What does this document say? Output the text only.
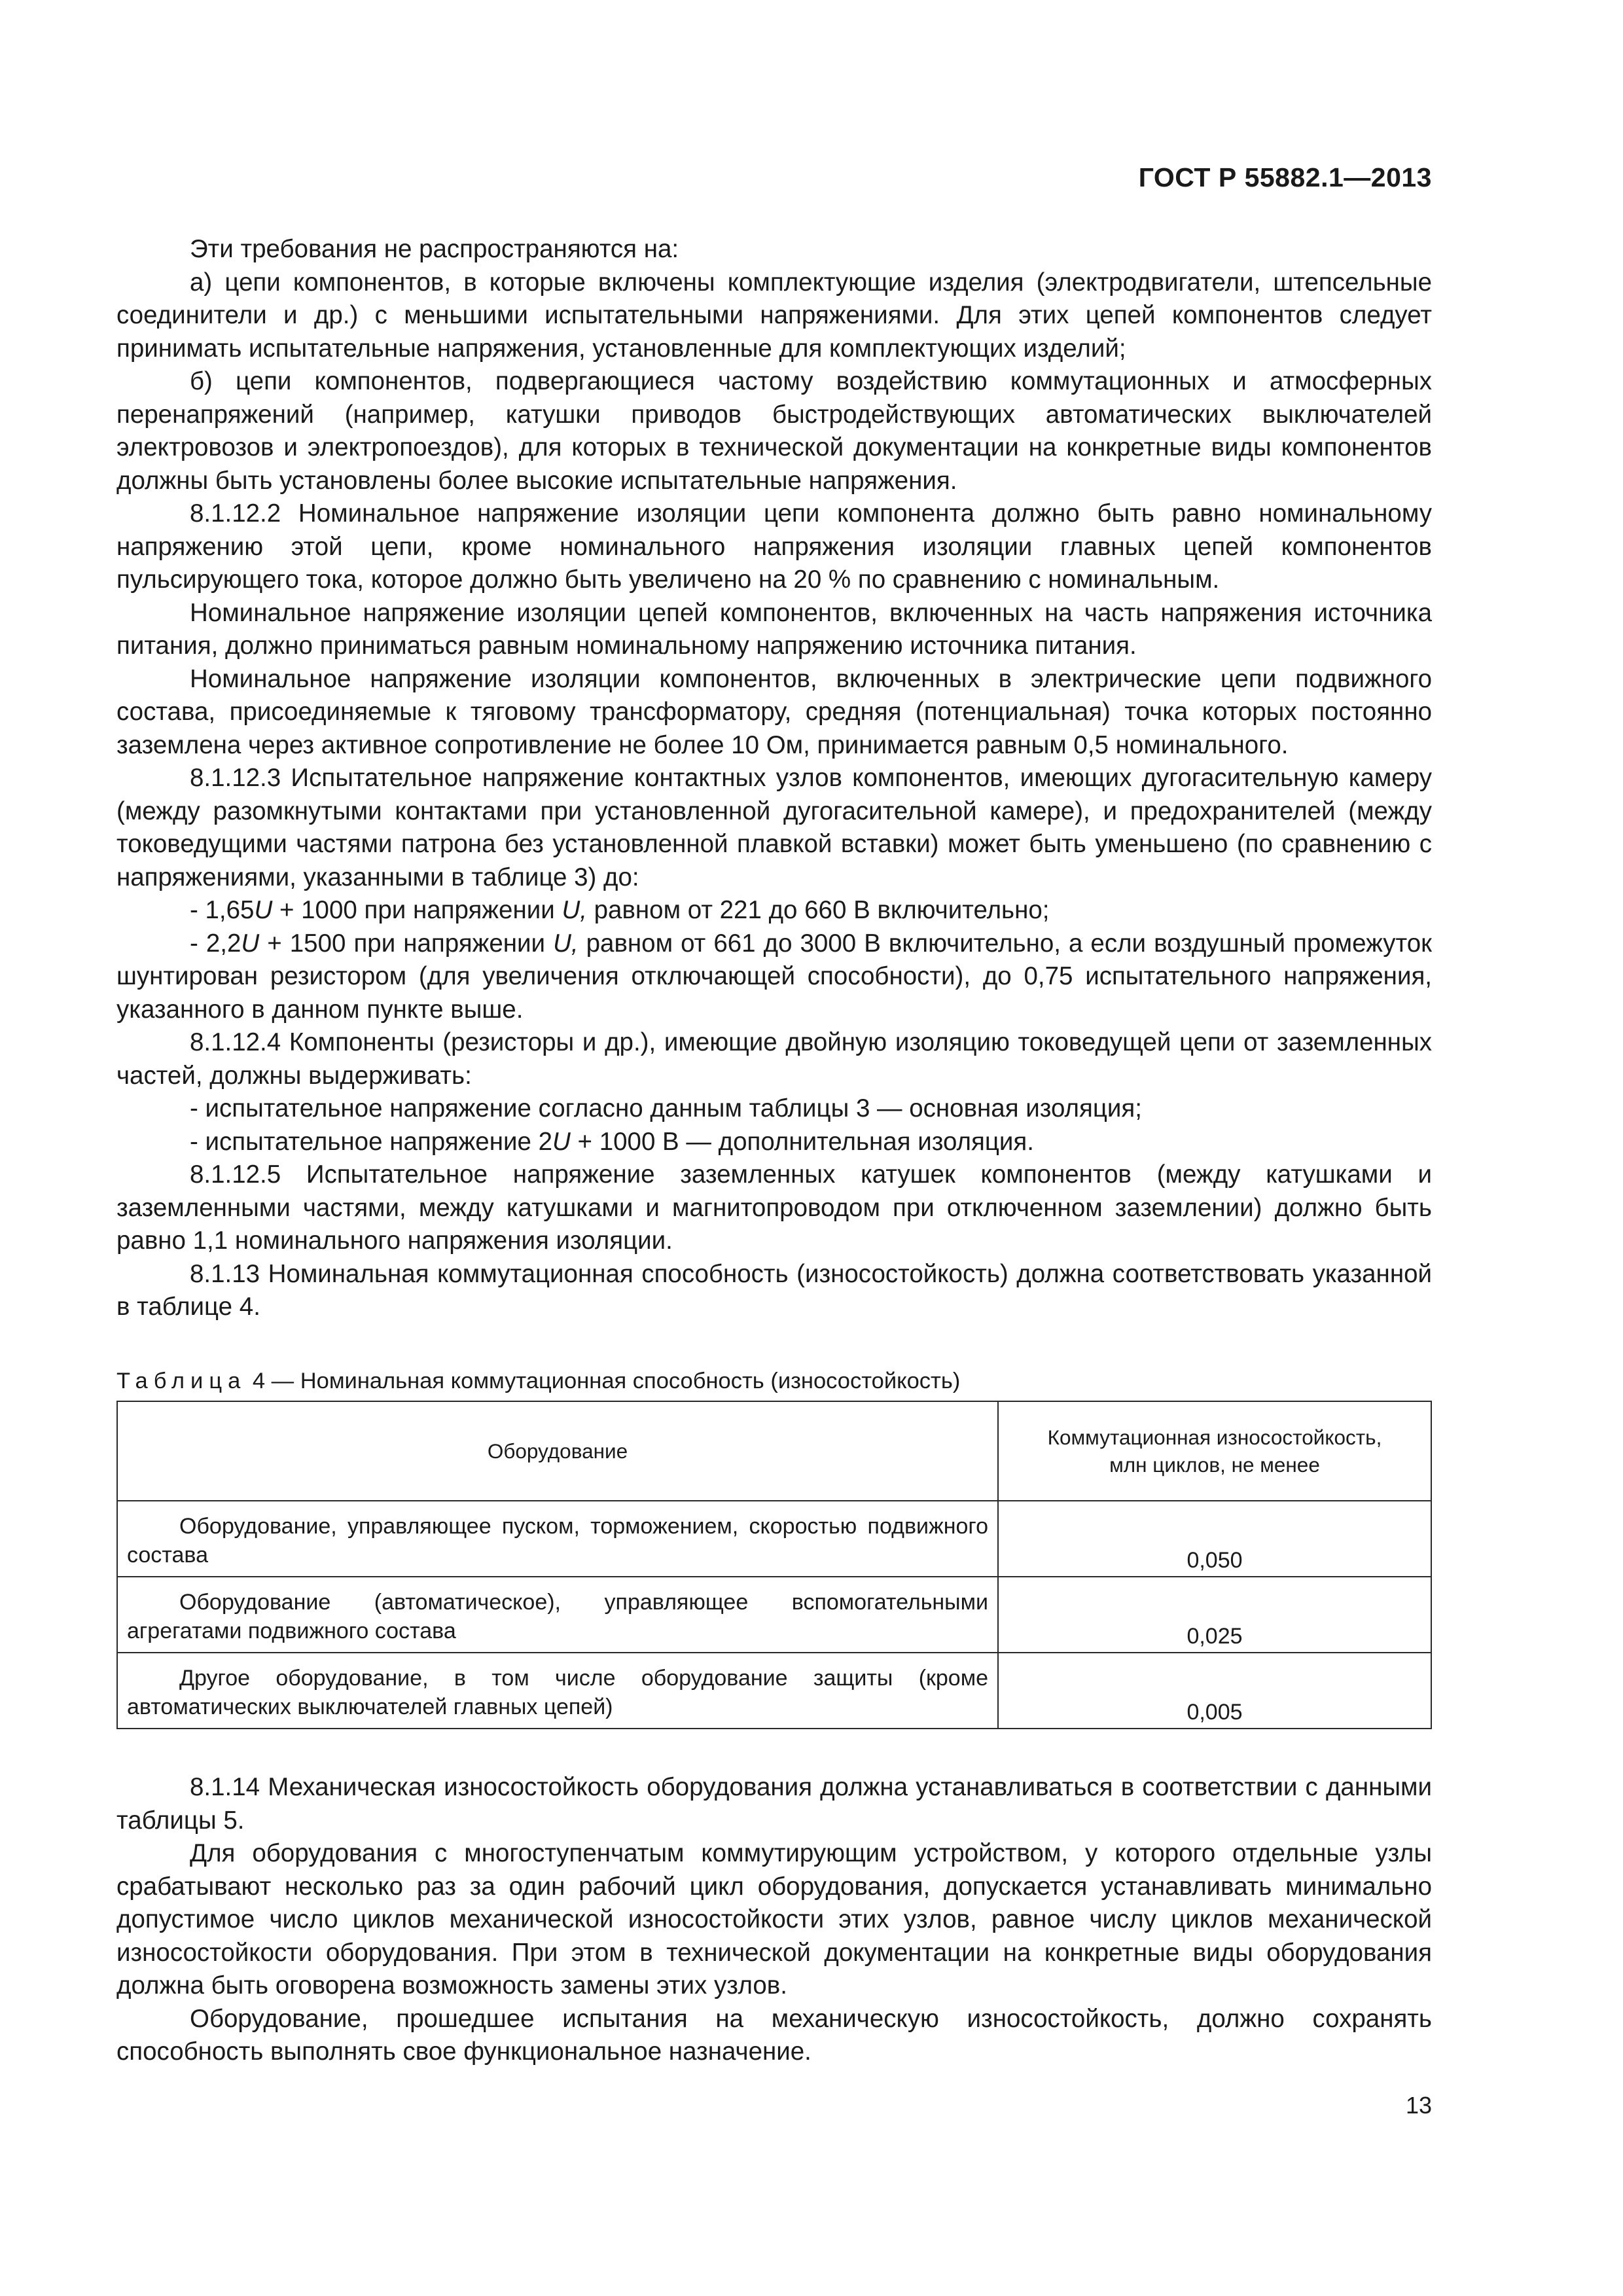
ГОСТ Р 55882.1—2013

Эти требования не распространяются на:

а) цепи компонентов, в которые включены комплектующие изделия (электродвигатели, штепсельные соединители и др.) с меньшими испытательными напряжениями. Для этих цепей компонентов следует принимать испытательные напряжения, установленные для комплектующих изделий;

б) цепи компонентов, подвергающиеся частому воздействию коммутационных и атмосферных перенапряжений (например, катушки приводов быстродействующих автоматических выключателей электровозов и электропоездов), для которых в технической документации на конкретные виды компонентов должны быть установлены более высокие испытательные напряжения.

8.1.12.2 Номинальное напряжение изоляции цепи компонента должно быть равно номинальному напряжению этой цепи, кроме номинального напряжения изоляции главных цепей компонентов пульсирующего тока, которое должно быть увеличено на 20 % по сравнению с номинальным.

Номинальное напряжение изоляции цепей компонентов, включенных на часть напряжения источника питания, должно приниматься равным номинальному напряжению источника питания.

Номинальное напряжение изоляции компонентов, включенных в электрические цепи подвижного состава, присоединяемые к тяговому трансформатору, средняя (потенциальная) точка которых постоянно заземлена через активное сопротивление не более 10 Ом, принимается равным 0,5 номинального.

8.1.12.3 Испытательное напряжение контактных узлов компонентов, имеющих дугогасительную камеру (между разомкнутыми контактами при установленной дугогасительной камере), и предохранителей (между токоведущими частями патрона без установленной плавкой вставки) может быть уменьшено (по сравнению с напряжениями, указанными в таблице 3) до:

- 1,65U + 1000 при напряжении U, равном от 221 до 660 В включительно;

- 2,2U + 1500 при напряжении U, равном от 661 до 3000 В включительно, а если воздушный промежуток шунтирован резистором (для увеличения отключающей способности), до 0,75 испытательного напряжения, указанного в данном пункте выше.

8.1.12.4 Компоненты (резисторы и др.), имеющие двойную изоляцию токоведущей цепи от заземленных частей, должны выдерживать:

- испытательное напряжение согласно данным таблицы 3 — основная изоляция;

- испытательное напряжение 2U + 1000 В — дополнительная изоляция.

8.1.12.5 Испытательное напряжение заземленных катушек компонентов (между катушками и заземленными частями, между катушками и магнитопроводом при отключенном заземлении) должно быть равно 1,1 номинального напряжения изоляции.

8.1.13 Номинальная коммутационная способность (износостойкость) должна соответствовать указанной в таблице 4.

Таблица 4 — Номинальная коммутационная способность (износостойкость)
Оборудование	Коммутационная износостойкость, млн циклов, не менее

Оборудование, управляющее пуском, торможением, скоростью подвижного состава	0,050
Оборудование (автоматическое), управляющее вспомогательными агрегатами подвижного состава	0,025
Другое оборудование, в том числе оборудование защиты (кроме автоматических выключателей главных цепей)	0,005

8.1.14 Механическая износостойкость оборудования должна устанавливаться в соответствии с данными таблицы 5.

Для оборудования с многоступенчатым коммутирующим устройством, у которого отдельные узлы срабатывают несколько раз за один рабочий цикл оборудования, допускается устанавливать минимально допустимое число циклов механической износостойкости этих узлов, равное числу циклов механической износостойкости оборудования. При этом в технической документации на конкретные виды оборудования должна быть оговорена возможность замены этих узлов.

Оборудование, прошедшее испытания на механическую износостойкость, должно сохранять способность выполнять свое функциональное назначение.

13
